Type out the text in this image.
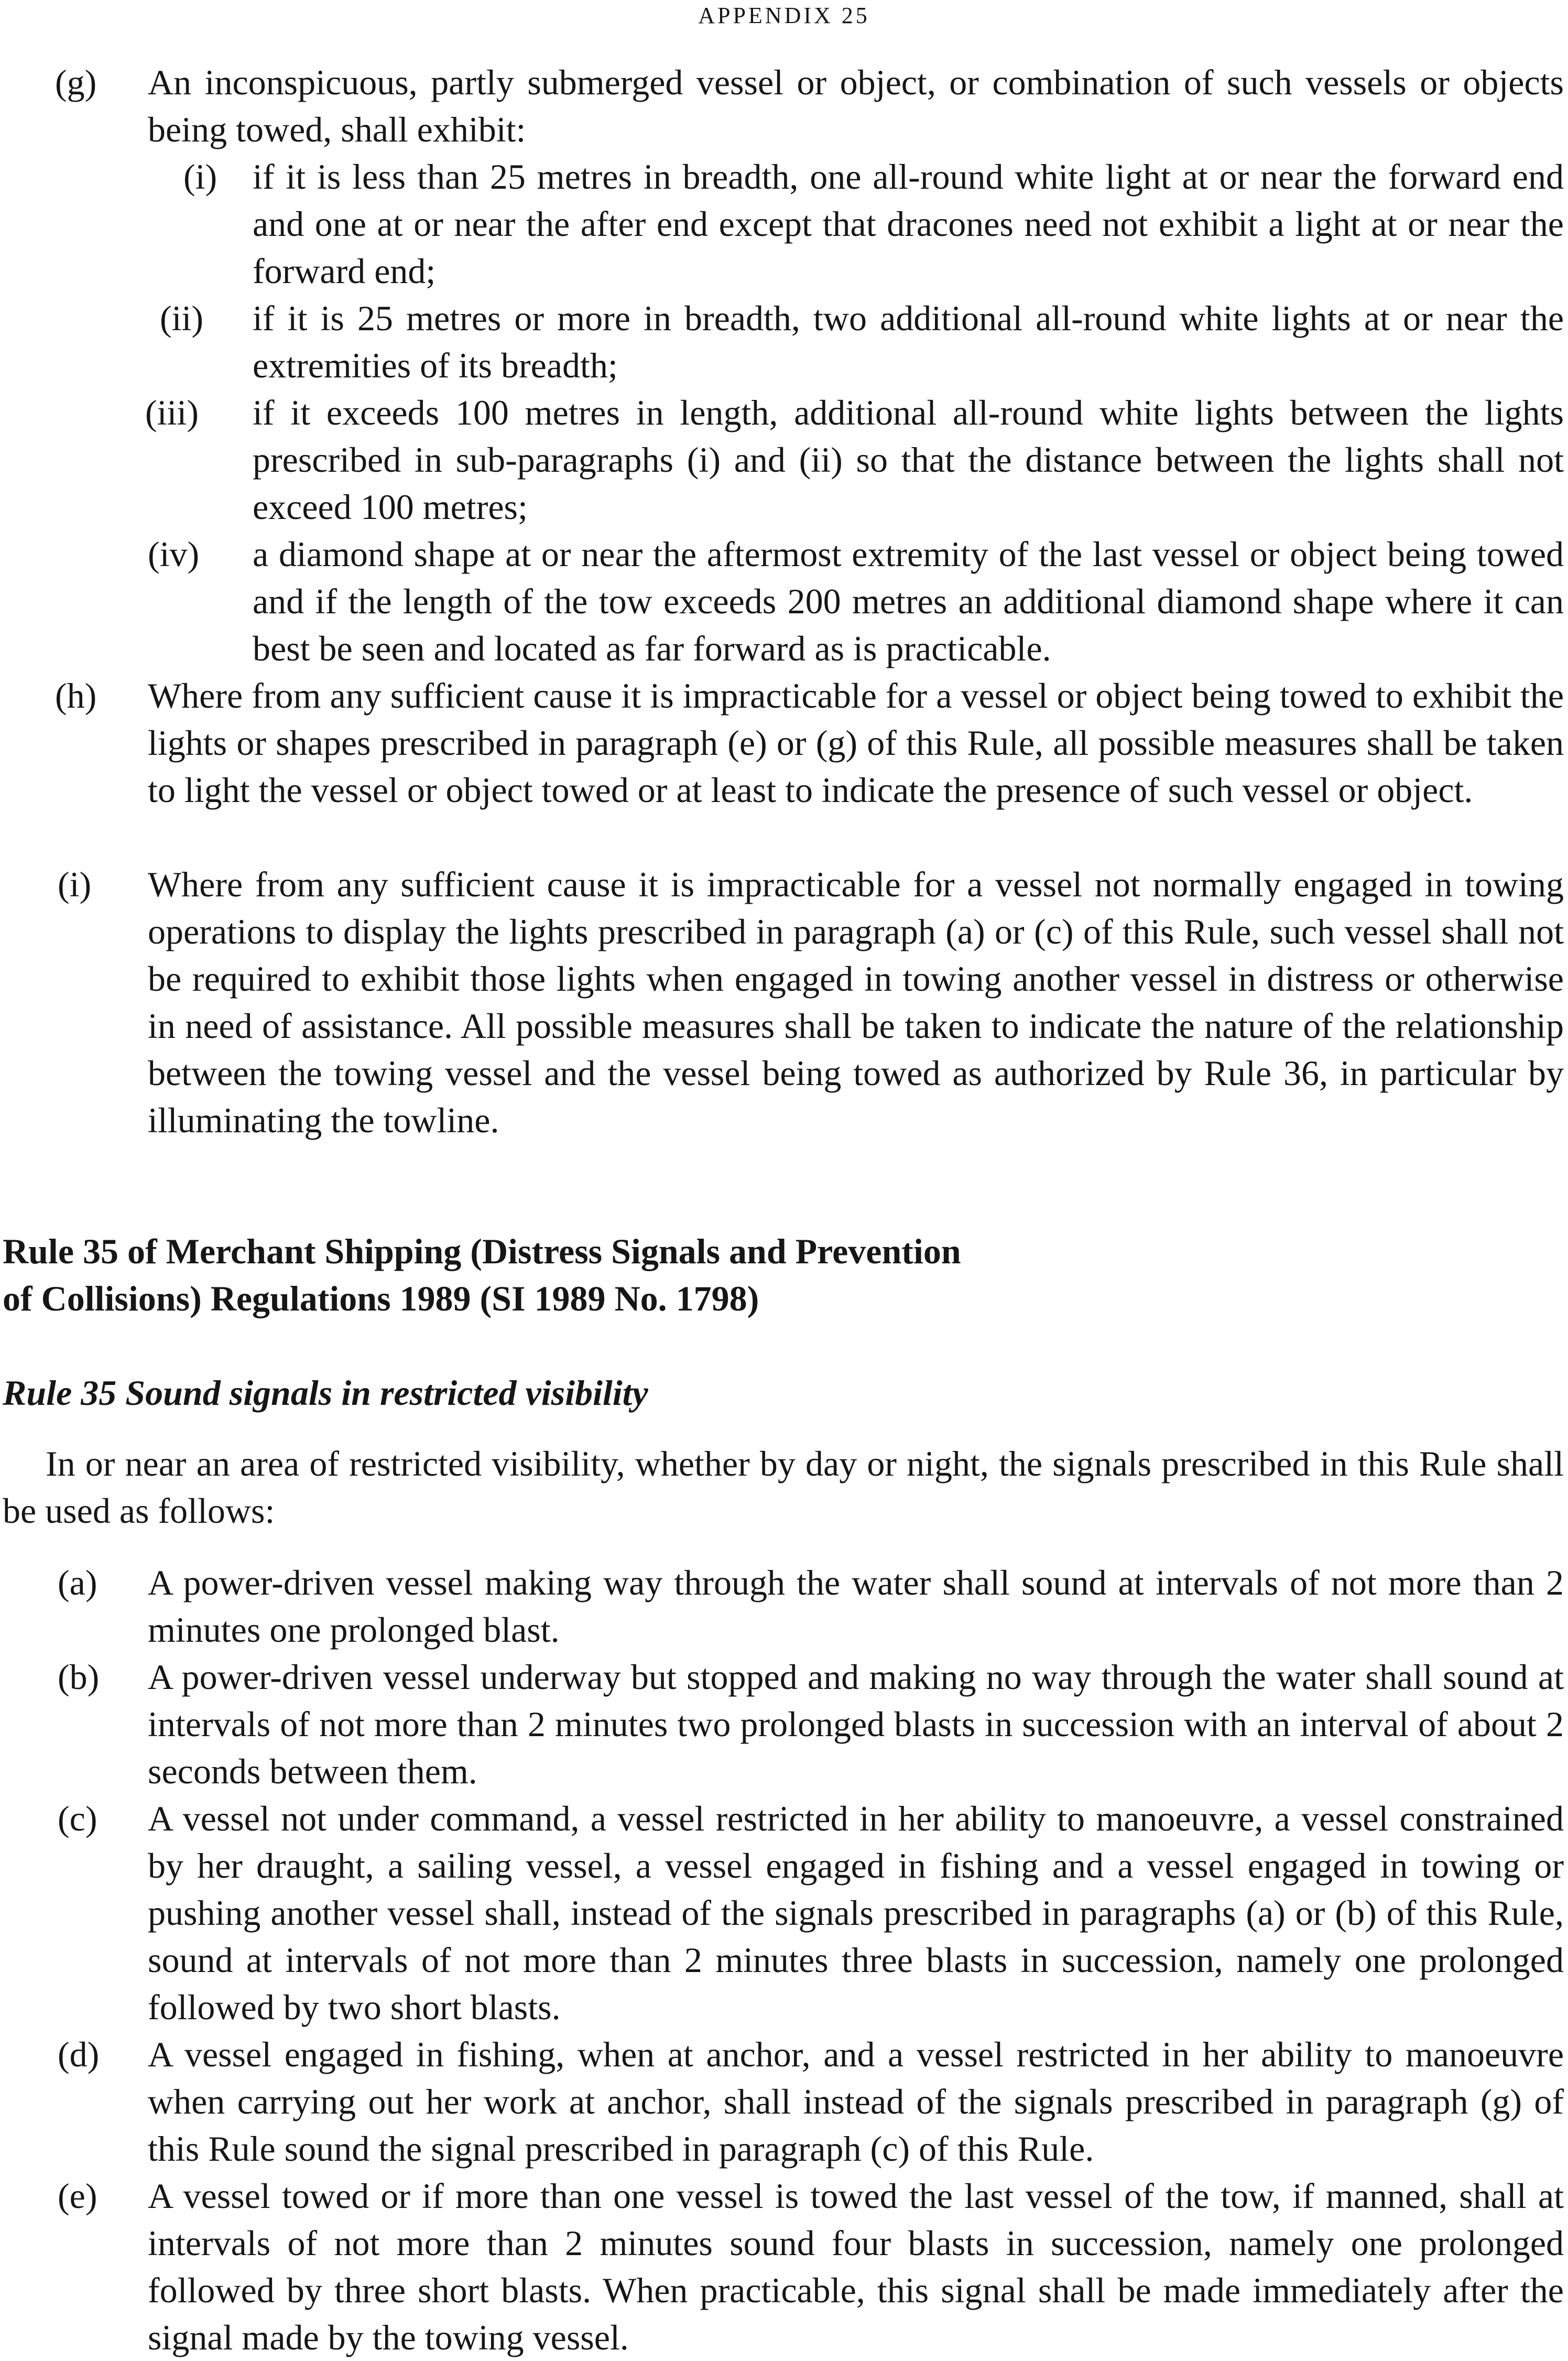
APPENDIX 25
(g) An inconspicuous, partly submerged vessel or object, or combination of such vessels or objects being towed, shall exhibit:
(i) if it is less than 25 metres in breadth, one all-round white light at or near the forward end and one at or near the after end except that dracones need not exhibit a light at or near the forward end;
(ii) if it is 25 metres or more in breadth, two additional all-round white lights at or near the extremities of its breadth;
(iii) if it exceeds 100 metres in length, additional all-round white lights between the lights prescribed in sub-paragraphs (i) and (ii) so that the distance between the lights shall not exceed 100 metres;
(iv) a diamond shape at or near the aftermost extremity of the last vessel or object being towed and if the length of the tow exceeds 200 metres an additional diamond shape where it can best be seen and located as far forward as is practicable.
(h) Where from any sufficient cause it is impracticable for a vessel or object being towed to exhibit the lights or shapes prescribed in paragraph (e) or (g) of this Rule, all possible measures shall be taken to light the vessel or object towed or at least to indicate the presence of such vessel or object.
(i) Where from any sufficient cause it is impracticable for a vessel not normally engaged in towing operations to display the lights prescribed in paragraph (a) or (c) of this Rule, such vessel shall not be required to exhibit those lights when engaged in towing another vessel in distress or otherwise in need of assistance. All possible measures shall be taken to indicate the nature of the relationship between the towing vessel and the vessel being towed as authorized by Rule 36, in particular by illuminating the towline.
Rule 35 of Merchant Shipping (Distress Signals and Prevention
of Collisions) Regulations 1989 (SI 1989 No. 1798)
Rule 35 Sound signals in restricted visibility
In or near an area of restricted visibility, whether by day or night, the signals prescribed in this Rule shall be used as follows:
(a) A power-driven vessel making way through the water shall sound at intervals of not more than 2 minutes one prolonged blast.
(b) A power-driven vessel underway but stopped and making no way through the water shall sound at intervals of not more than 2 minutes two prolonged blasts in succession with an interval of about 2 seconds between them.
(c) A vessel not under command, a vessel restricted in her ability to manoeuvre, a vessel constrained by her draught, a sailing vessel, a vessel engaged in fishing and a vessel engaged in towing or pushing another vessel shall, instead of the signals prescribed in paragraphs (a) or (b) of this Rule, sound at intervals of not more than 2 minutes three blasts in succession, namely one prolonged followed by two short blasts.
(d) A vessel engaged in fishing, when at anchor, and a vessel restricted in her ability to manoeuvre when carrying out her work at anchor, shall instead of the signals prescribed in paragraph (g) of this Rule sound the signal prescribed in paragraph (c) of this Rule.
(e) A vessel towed or if more than one vessel is towed the last vessel of the tow, if manned, shall at intervals of not more than 2 minutes sound four blasts in succession, namely one prolonged followed by three short blasts. When practicable, this signal shall be made immediately after the signal made by the towing vessel.
